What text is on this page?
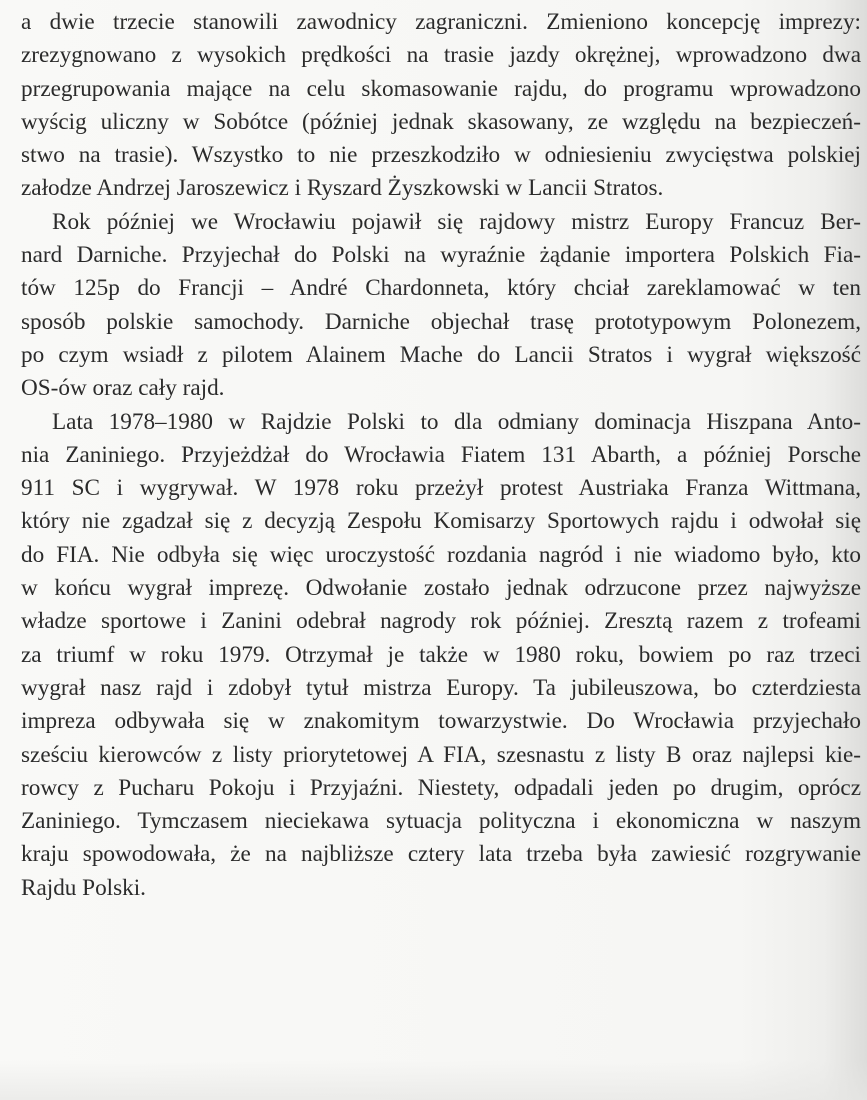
a dwie trzecie stanowili zawodnicy zagraniczni. Zmieniono koncepcję imprezy:
zrezygnowano z wysokich prędkości na trasie jazdy okrężnej, wprowadzono dwa
przegrupowania mające na celu skomasowanie rajdu, do programu wprowadzono
wyścig uliczny w Sobótce (później jednak skasowany, ze względu na bezpieczeń-
stwo na trasie). Wszystko to nie przeszkodziło w odniesieniu zwycięstwa polskiej
załodze Andrzej Jaroszewicz i Ryszard Żyszkowski w Lancii Stratos.

Rok później we Wrocławiu pojawił się rajdowy mistrz Europy Francuz Ber-
nard Darniche. Przyjechał do Polski na wyraźnie żądanie importera Polskich Fia-
tów 125p do Francji – André Chardonneta, który chciał zareklamować w ten
sposób polskie samochody. Darniche objechał trasę prototypowym Polonezem,
po czym wsiadł z pilotem Alainem Mache do Lancii Stratos i wygrał większość
OS-ów oraz cały rajd.

Lata 1978–1980 w Rajdzie Polski to dla odmiany dominacja Hiszpana Anto-
nia Zaniniego. Przyjeżdżał do Wrocławia Fiatem 131 Abarth, a później Porsche
911 SC i wygrywał. W 1978 roku przeżył protest Austriaka Franza Wittmana,
który nie zgadzał się z decyzją Zespołu Komisarzy Sportowych rajdu i odwołał się
do FIA. Nie odbyła się więc uroczystość rozdania nagród i nie wiadomo było, kto
w końcu wygrał imprezę. Odwołanie zostało jednak odrzucone przez najwyższe
władze sportowe i Zanini odebrał nagrody rok później. Zresztą razem z trofeami
za triumf w roku 1979. Otrzymał je także w 1980 roku, bowiem po raz trzeci
wygrał nasz rajd i zdobył tytuł mistrza Europy. Ta jubileuszowa, bo czterdziesta
impreza odbywała się w znakomitym towarzystwie. Do Wrocławia przyjechało
sześciu kierowców z listy priorytetowej A FIA, szesnastu z listy B oraz najlepsi kie-
rowcy z Pucharu Pokoju i Przyjaźni. Niestety, odpadali jeden po drugim, oprócz
Zaniniego. Tymczasem nieciekawa sytuacja polityczna i ekonomiczna w naszym
kraju spowodowała, że na najbliższe cztery lata trzeba była zawiesić rozgrywanie
Rajdu Polski.
